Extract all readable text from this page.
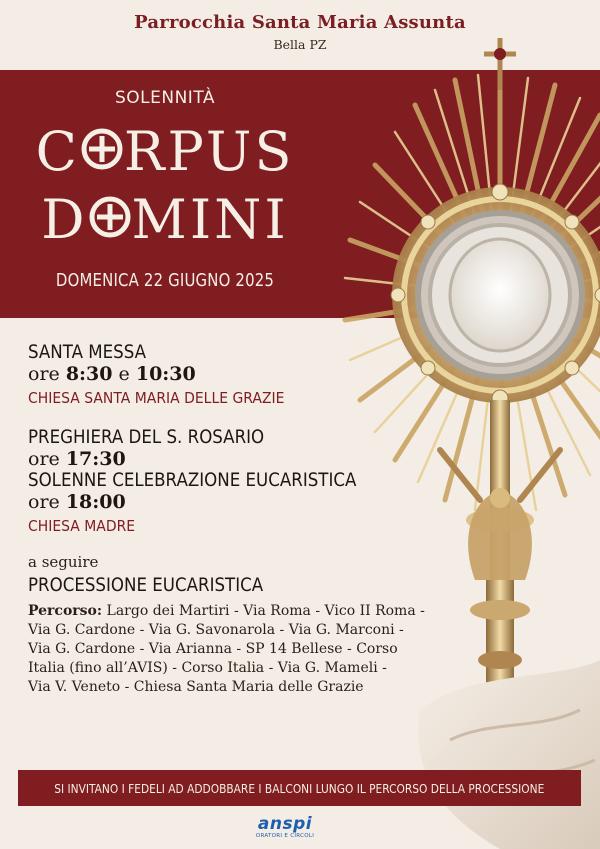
Parrocchia Santa Maria Assunta
Bella PZ
SOLENNITÀ
C RPUS
D MINI
DOMENICA 22 GIUGNO 2025
SANTA MESSA
ore 8:30 e 10:30
CHIESA SANTA MARIA DELLE GRAZIE
PREGHIERA DEL S. ROSARIO
ore 17:30
SOLENNE CELEBRAZIONE EUCARISTICA
ore 18:00
CHIESA MADRE
a seguire
PROCESSIONE EUCARISTICA
Percorso: Largo dei Martiri - Via Roma - Vico II Roma -
Via G. Cardone - Via G. Savonarola - Via G. Marconi -
Via G. Cardone - Via Arianna - SP 14 Bellese - Corso
Italia (fino all’AVIS) - Corso Italia - Via G. Mameli -
Via V. Veneto - Chiesa Santa Maria delle Grazie
SI INVITANO I FEDELI AD ADDOBBARE I BALCONI LUNGO IL PERCORSO DELLA PROCESSIONE
anspi
ORATORI E CIRCOLI
